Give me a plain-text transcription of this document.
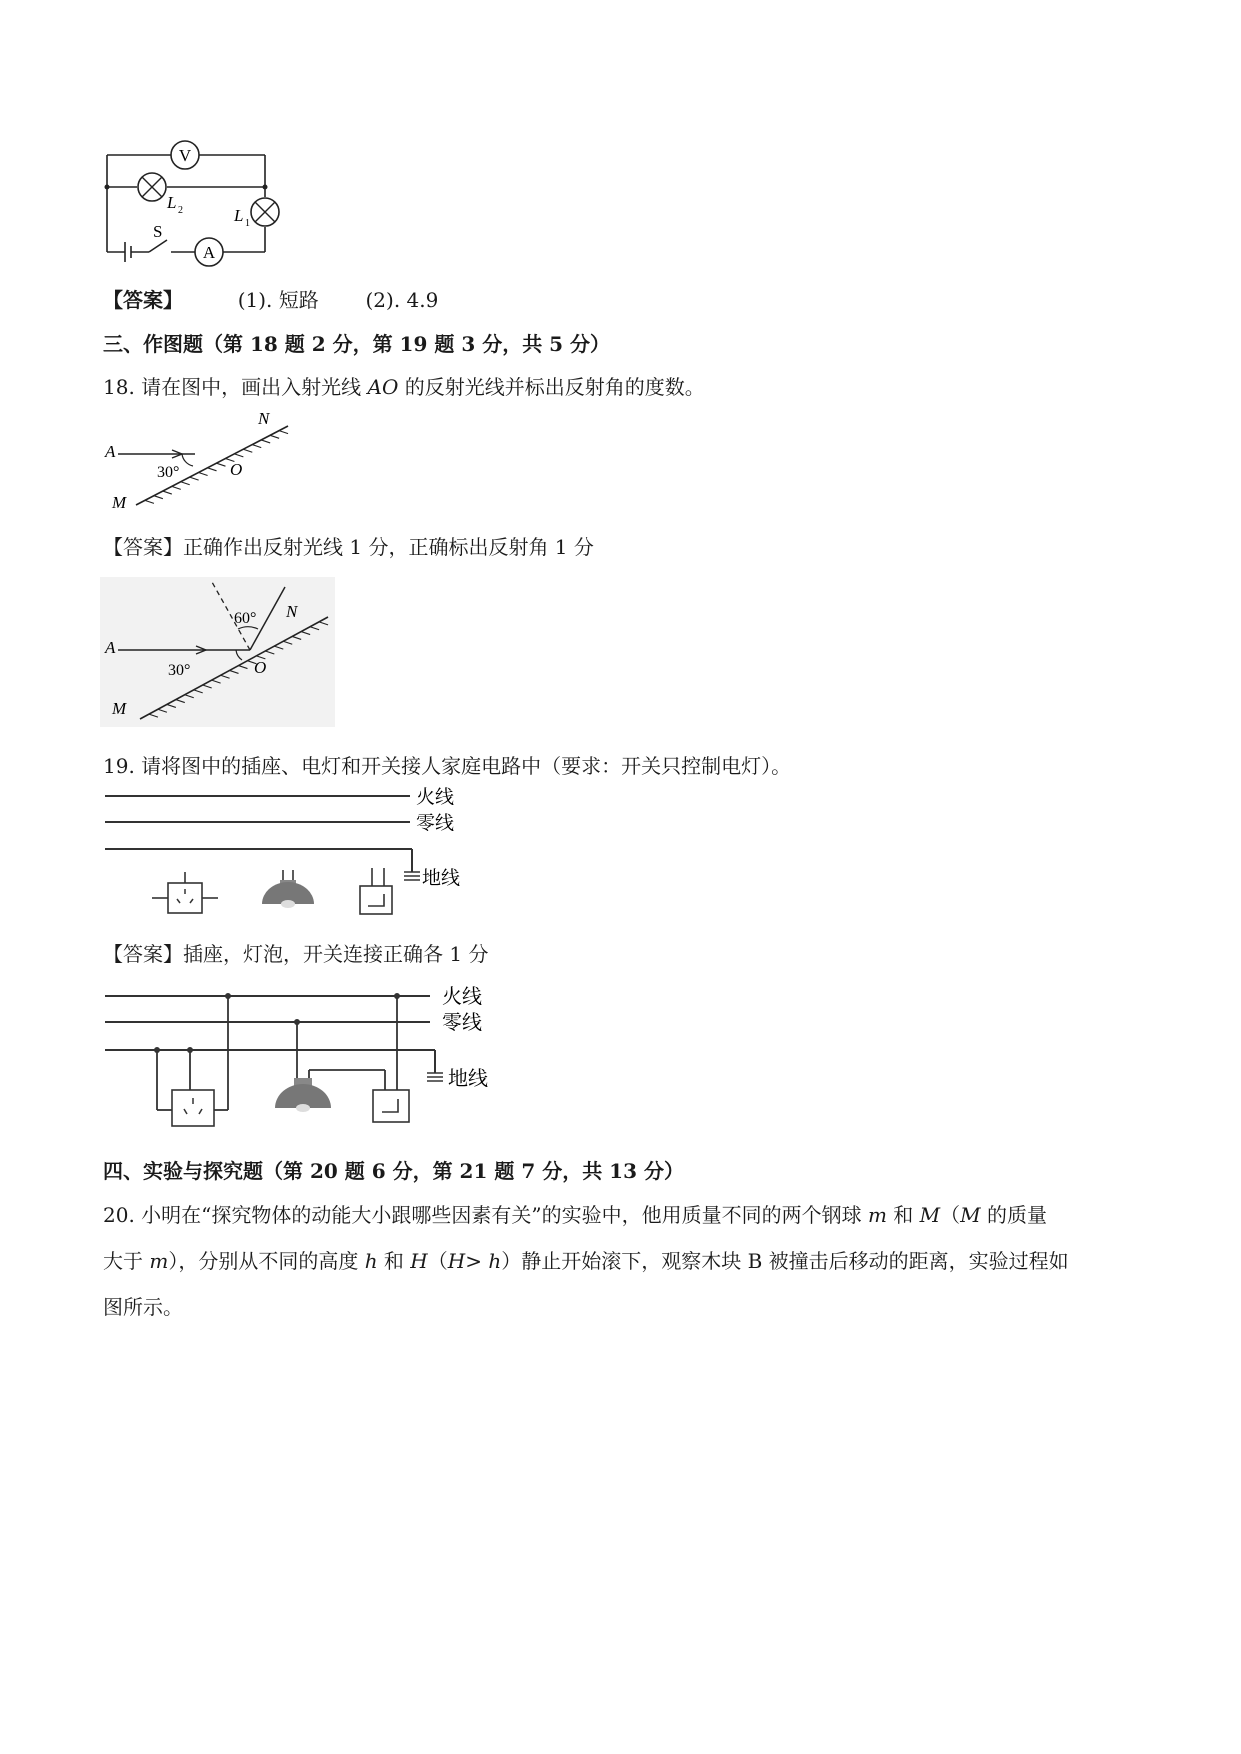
V
L 2	L 1
S
A
【答案】	(1). 短路 (2). 4.9
三、作图题（第 18 题 2 分，第 19 题 3 分，共 5 分）
18. 请在图中，画出入射光线 AO 的反射光线并标出反射角的度数。
A
30°	O
M
N
【答案】正确作出反射光线 1 分，正确标出反射角 1 分
A
30°
60°
O
M
N
19. 请将图中的插座、电灯和开关接人家庭电路中（要求：开关只控制电灯）。
火线
零线
地线
【答案】插座，灯泡，开关连接正确各 1 分
火线
零线
地线
四、实验与探究题（第 20 题 6 分，第 21 题 7 分，共 13 分）
20. 小明在“探究物体的动能大小跟哪些因素有关”的实验中，他用质量不同的两个钢球 m 和 M（M 的质量
大于 m），分别从不同的高度 h 和 H（H> h）静止开始滚下，观察木块 B 被撞击后移动的距离，实验过程如
图所示。
